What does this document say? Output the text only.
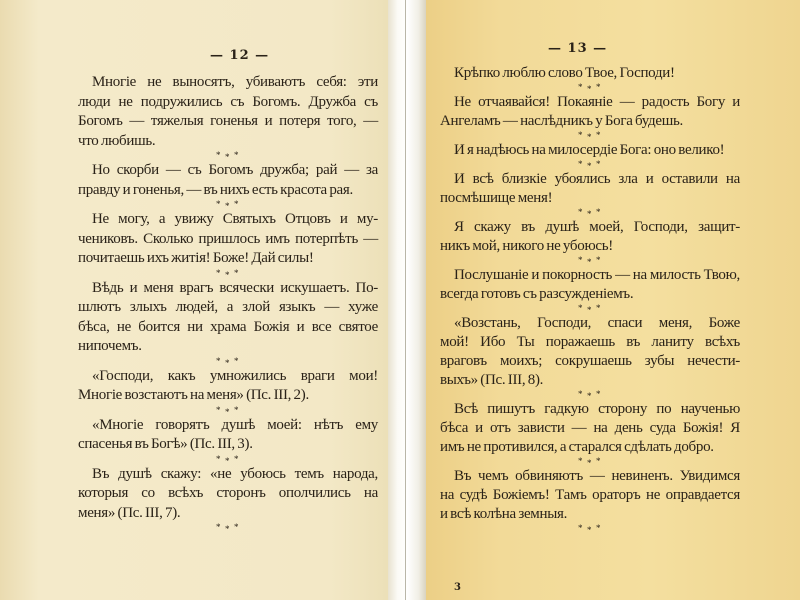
— 12 —
Многіе не выносятъ, убиваютъ себя: эти
люди не подружились съ Богомъ. Дружба съ
Богомъ — тяжелыя гоненья и потеря того, —
что любишь.
* * *
Но скорби — съ Богомъ дружба; рай — за
правду и гоненья, — въ нихъ есть красота рая.
* * *
Не могу, а увижу Святыхъ Отцовъ и му-
чениковъ. Сколько пришлось имъ потерпѣть —
почитаешь ихъ житія! Боже! Дай силы!
* * *
Вѣдь и меня врагъ всячески искушаетъ. По-
шлютъ злыхъ людей, а злой языкъ — хуже
бѣса, не боится ни храма Божія и все святое
нипочемъ.
* * *
«Господи, какъ умножились враги мои!
Многіе возстаютъ на меня» (Пс. III, 2).
* * *
«Многіе говорятъ душѣ моей: нѣтъ ему
спасенья въ Богѣ» (Пс. III, 3).
* * *
Въ душѣ скажу: «не убоюсь темъ народа,
которыя со всѣхъ сторонъ ополчились на
меня» (Пс. III, 7).
* * *
— 13 —
Крѣпко люблю слово Твое, Господи!
* * *
Не отчаявайся! Покаяніе — радость Богу и
Ангеламъ — наслѣдникъ у Бога будешь.
* * *
И я надѣюсь на милосердіе Бога: оно велико!
* * *
И всѣ близкіе убоялись зла и оставили на
посмѣшище меня!
* * *
Я скажу въ душѣ моей, Господи, защит-
никъ мой, никого не убоюсь!
* * *
Послушаніе и покорность — на милость Твою,
всегда готовъ съ разсужденіемъ.
* * *
«Возстань, Господи, спаси меня, Боже
мой! Ибо Ты поражаешь въ ланиту всѣхъ
враговъ моихъ; сокрушаешь зубы нечести-
выхъ» (Пс. III, 8).
* * *
Всѣ пишутъ гадкую сторону по наученью
бѣса и отъ зависти — на день суда Божія! Я
имъ не противился, а старался сдѣлать добро.
* * *
Въ чемъ обвиняютъ — невиненъ. Увидимся
на судѣ Божіемъ! Тамъ ораторъ не оправдается
и всѣ колѣна земныя.
* * *
3
